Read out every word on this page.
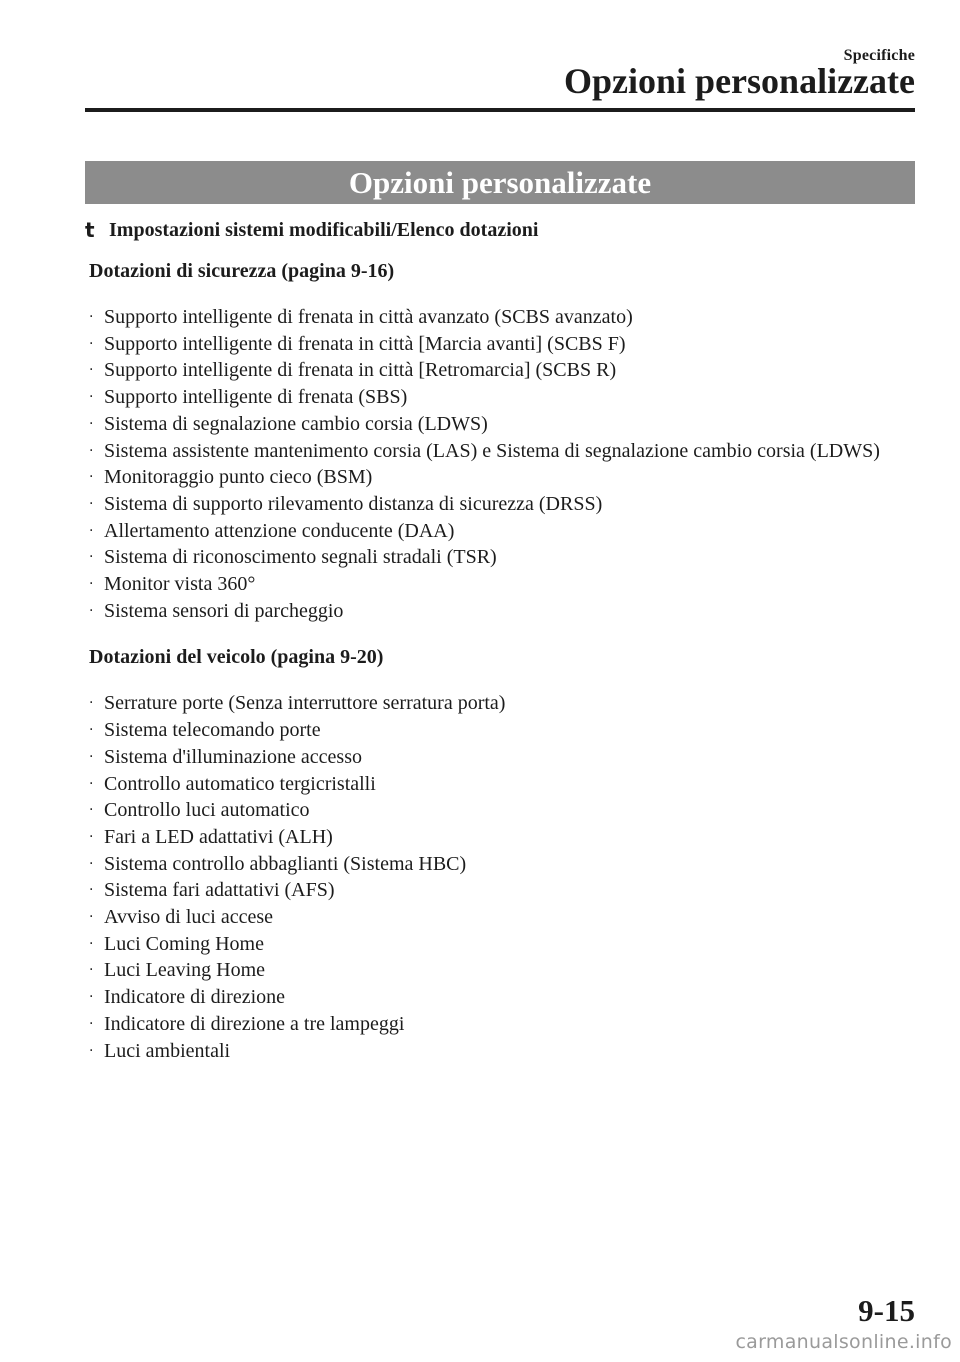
Specifiche
Opzioni personalizzate
Opzioni personalizzate
t Impostazioni sistemi modificabili/Elenco dotazioni
Dotazioni di sicurezza (pagina 9-16)
· Supporto intelligente di frenata in città avanzato (SCBS avanzato)
· Supporto intelligente di frenata in città [Marcia avanti] (SCBS F)
· Supporto intelligente di frenata in città [Retromarcia] (SCBS R)
· Supporto intelligente di frenata (SBS)
· Sistema di segnalazione cambio corsia (LDWS)
· Sistema assistente mantenimento corsia (LAS) e Sistema di segnalazione cambio corsia (LDWS)
· Monitoraggio punto cieco (BSM)
· Sistema di supporto rilevamento distanza di sicurezza (DRSS)
· Allertamento attenzione conducente (DAA)
· Sistema di riconoscimento segnali stradali (TSR)
· Monitor vista 360°
· Sistema sensori di parcheggio
Dotazioni del veicolo (pagina 9-20)
· Serrature porte (Senza interruttore serratura porta)
· Sistema telecomando porte
· Sistema d'illuminazione accesso
· Controllo automatico tergicristalli
· Controllo luci automatico
· Fari a LED adattativi (ALH)
· Sistema controllo abbaglianti (Sistema HBC)
· Sistema fari adattativi (AFS)
· Avviso di luci accese
· Luci Coming Home
· Luci Leaving Home
· Indicatore di direzione
· Indicatore di direzione a tre lampeggi
· Luci ambientali
9-15
carmanualsonline.info
